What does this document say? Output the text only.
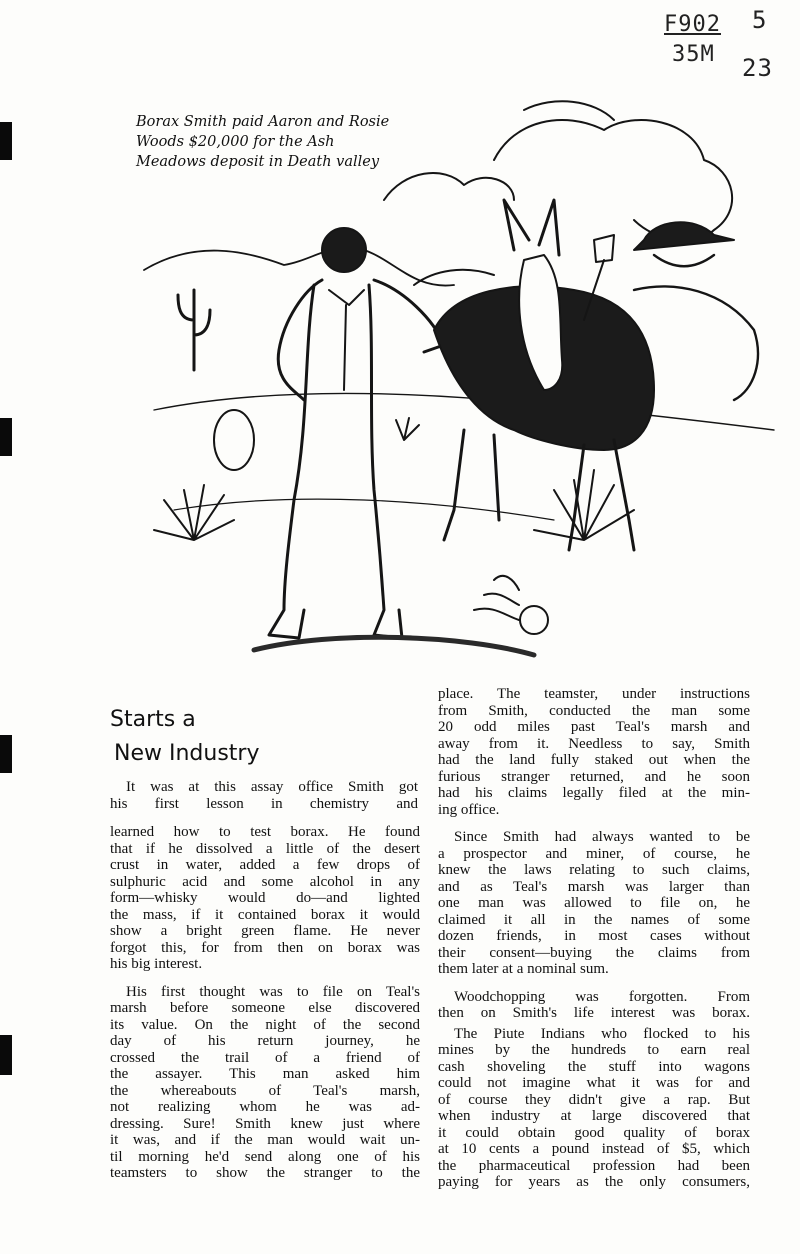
F902 5
35M 23

Borax Smith paid Aaron and Rosie Woods $20,000 for the Ash Meadows deposit in Death valley

Starts a
New Industry
It was at this assay office Smith got
his first lesson in chemistry and
learned how to test borax. He found
that if he dissolved a little of the desert
crust in water, added a few drops of
sulphuric acid and some alcohol in any
form—whisky would do—and lighted
the mass, if it contained borax it would
show a bright green flame. He never
forgot this, for from then on borax was
his big interest.
His first thought was to file on Teal's
marsh before someone else discovered
its value. On the night of the second
day of his return journey, he
crossed the trail of a friend of
the assayer. This man asked him
the whereabouts of Teal's marsh,
not realizing whom he was ad-
dressing. Sure! Smith knew just where
it was, and if the man would wait un-
til morning he'd send along one of his
teamsters to show the stranger to the
place. The teamster, under instructions
from Smith, conducted the man some
20 odd miles past Teal's marsh and
away from it. Needless to say, Smith
had the land fully staked out when the
furious stranger returned, and he soon
had his claims legally filed at the min-
ing office.
Since Smith had always wanted to be
a prospector and miner, of course, he
knew the laws relating to such claims,
and as Teal's marsh was larger than
one man was allowed to file on, he
claimed it all in the names of some
dozen friends, in most cases without
their consent—buying the claims from
them later at a nominal sum.
Woodchopping was forgotten. From
then on Smith's life interest was borax.
The Piute Indians who flocked to his
mines by the hundreds to earn real
cash shoveling the stuff into wagons
could not imagine what it was for and
of course they didn't give a rap. But
when industry at large discovered that
it could obtain good quality of borax
at 10 cents a pound instead of $5, which
the pharmaceutical profession had been
paying for years as the only consumers,
